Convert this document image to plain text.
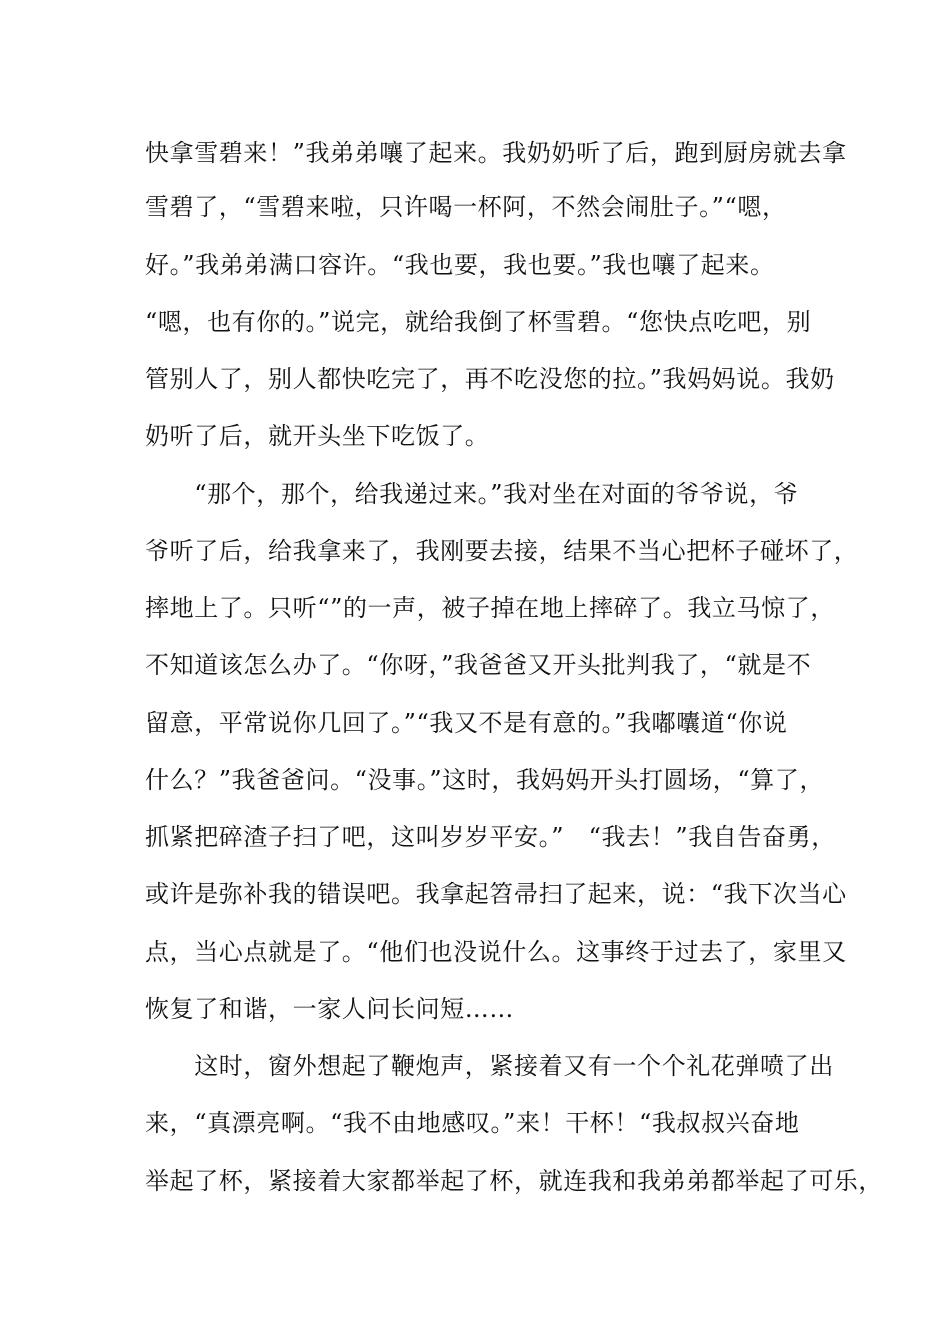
快拿雪碧来！”我弟弟嚷了起来。我奶奶听了后，跑到厨房就去拿
雪碧了，“雪碧来啦，只许喝一杯阿，不然会闹肚子。”“嗯，
好。”我弟弟满口容许。“我也要，我也要。”我也嚷了起来。
“嗯，也有你的。”说完，就给我倒了杯雪碧。“您快点吃吧，别
管别人了，别人都快吃完了，再不吃没您的拉。”我妈妈说。我奶
奶听了后，就开头坐下吃饭了。
　　“那个，那个，给我递过来。”我对坐在对面的爷爷说，爷
爷听了后，给我拿来了，我刚要去接，结果不当心把杯子碰坏了，
摔地上了。只听“”的一声，被子掉在地上摔碎了。我立马惊了，
不知道该怎么办了。“你呀，”我爸爸又开头批判我了，“就是不
留意，平常说你几回了。”“我又不是有意的。”我嘟囔道“你说
什么？”我爸爸问。“没事。”这时，我妈妈开头打圆场，“算了，
抓紧把碎渣子扫了吧，这叫岁岁平安。”　“我去！”我自告奋勇，
或许是弥补我的错误吧。我拿起笤帚扫了起来，说：“我下次当心
点，当心点就是了。“他们也没说什么。这事终于过去了，家里又
恢复了和谐，一家人问长问短……
　　这时，窗外想起了鞭炮声，紧接着又有一个个礼花弹喷了出
来，“真漂亮啊。“我不由地感叹。”来！干杯！“我叔叔兴奋地
举起了杯，紧接着大家都举起了杯，就连我和我弟弟都举起了可乐，
